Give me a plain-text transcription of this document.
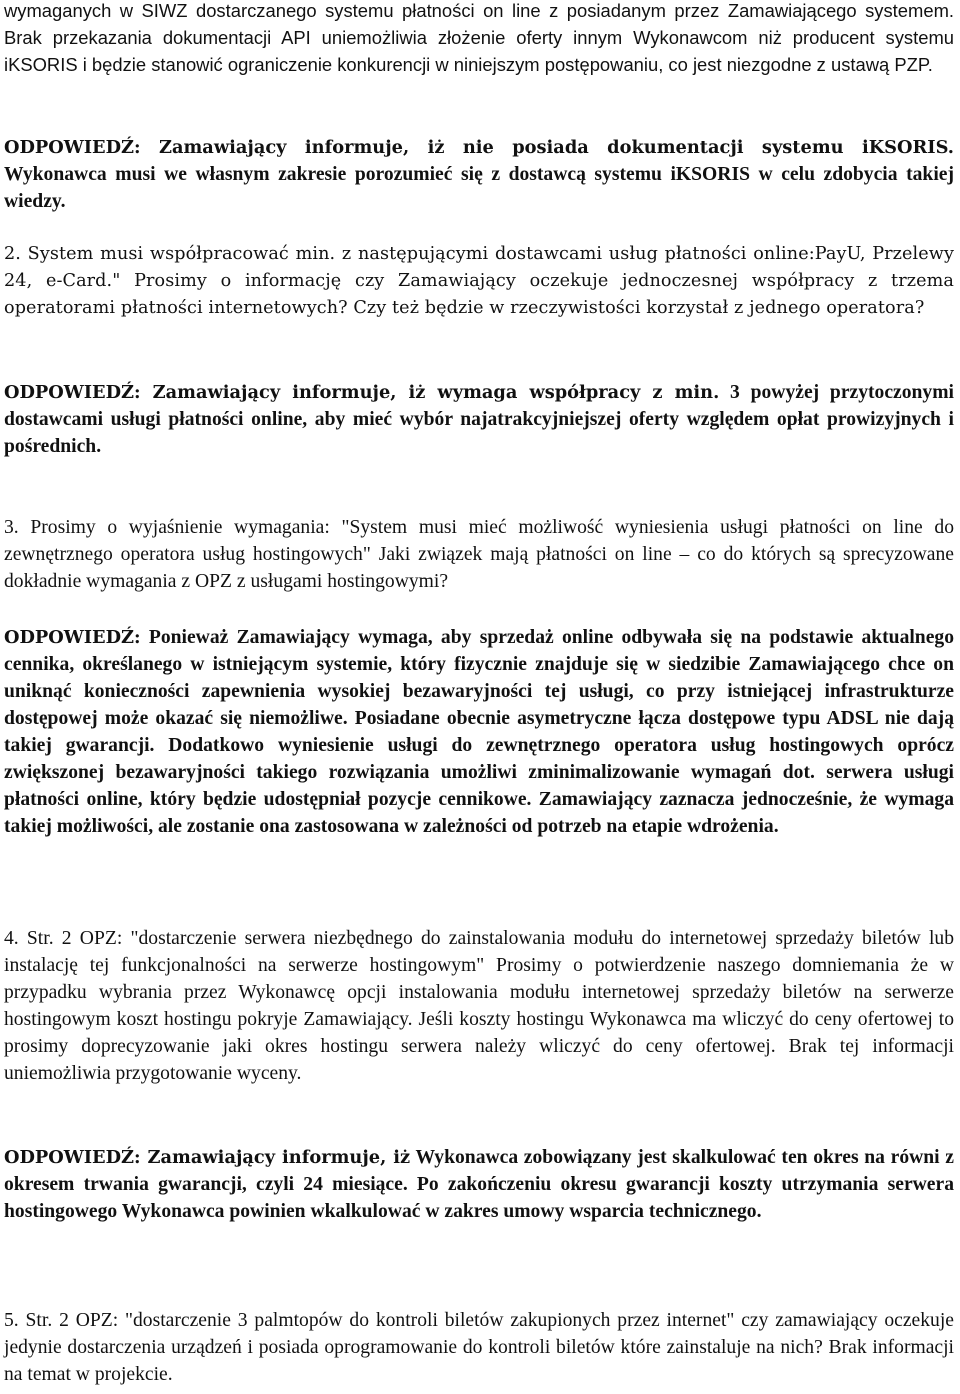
wymaganych w SIWZ dostarczanego systemu płatności on line z posiadanym przez Zamawiającego systemem. Brak przekazania dokumentacji API uniemożliwia złożenie oferty innym Wykonawcom niż producent systemu iKSORIS i będzie stanowić ograniczenie konkurencji w niniejszym postępowaniu, co jest niezgodne z ustawą PZP.

ODPOWIEDŹ: Zamawiający informuje, iż nie posiada dokumentacji systemu iKSORIS. Wykonawca musi we własnym zakresie porozumieć się z dostawcą systemu iKSORIS w celu zdobycia takiej wiedzy.

2. System musi współpracować min. z następującymi dostawcami usług płatności online:PayU, Przelewy 24, e-Card." Prosimy o informację czy Zamawiający oczekuje jednoczesnej współpracy z trzema operatorami płatności internetowych? Czy też będzie w rzeczywistości korzystał z jednego operatora?

ODPOWIEDŹ: Zamawiający informuje, iż wymaga współpracy z min. 3 powyżej przytoczonymi dostawcami usługi płatności online, aby mieć wybór najatrakcyjniejszej oferty względem opłat prowizyjnych i pośrednich.

3. Prosimy o wyjaśnienie wymagania: "System musi mieć możliwość wyniesienia usługi płatności on line do zewnętrznego operatora usług hostingowych" Jaki związek mają płatności on line – co do których są sprecyzowane dokładnie wymagania z OPZ z usługami hostingowymi?

ODPOWIEDŹ: Ponieważ Zamawiający wymaga, aby sprzedaż online odbywała się na podstawie aktualnego cennika, określanego w istniejącym systemie, który fizycznie znajduje się w siedzibie Zamawiającego chce on uniknąć konieczności zapewnienia wysokiej bezawaryjności tej usługi, co przy istniejącej infrastrukturze dostępowej może okazać się niemożliwe. Posiadane obecnie asymetryczne łącza dostępowe typu ADSL nie dają takiej gwarancji. Dodatkowo wyniesienie usługi do zewnętrznego operatora usług hostingowych oprócz zwiększonej bezawaryjności takiego rozwiązania umożliwi zminimalizowanie wymagań dot. serwera usługi płatności online, który będzie udostępniał pozycje cennikowe. Zamawiający zaznacza jednocześnie, że wymaga takiej możliwości, ale zostanie ona zastosowana w zależności od potrzeb na etapie wdrożenia.

4. Str. 2 OPZ: "dostarczenie serwera niezbędnego do zainstalowania modułu do internetowej sprzedaży biletów lub instalację tej funkcjonalności na serwerze hostingowym" Prosimy o potwierdzenie naszego domniemania że w przypadku wybrania przez Wykonawcę opcji instalowania modułu internetowej sprzedaży biletów na serwerze hostingowym koszt hostingu pokryje Zamawiający. Jeśli koszty hostingu Wykonawca ma wliczyć do ceny ofertowej to prosimy doprecyzowanie jaki okres hostingu serwera należy wliczyć do ceny ofertowej. Brak tej informacji uniemożliwia przygotowanie wyceny.

ODPOWIEDŹ: Zamawiający informuje, iż Wykonawca zobowiązany jest skalkulować ten okres na równi z okresem trwania gwarancji, czyli 24 miesiące. Po zakończeniu okresu gwarancji koszty utrzymania serwera hostingowego Wykonawca powinien wkalkulować w zakres umowy wsparcia technicznego.

5. Str. 2 OPZ: "dostarczenie 3 palmtopów do kontroli biletów zakupionych przez internet" czy zamawiający oczekuje jedynie dostarczenia urządzeń i posiada oprogramowanie do kontroli biletów które zainstaluje na nich? Brak informacji na temat w projekcie.
